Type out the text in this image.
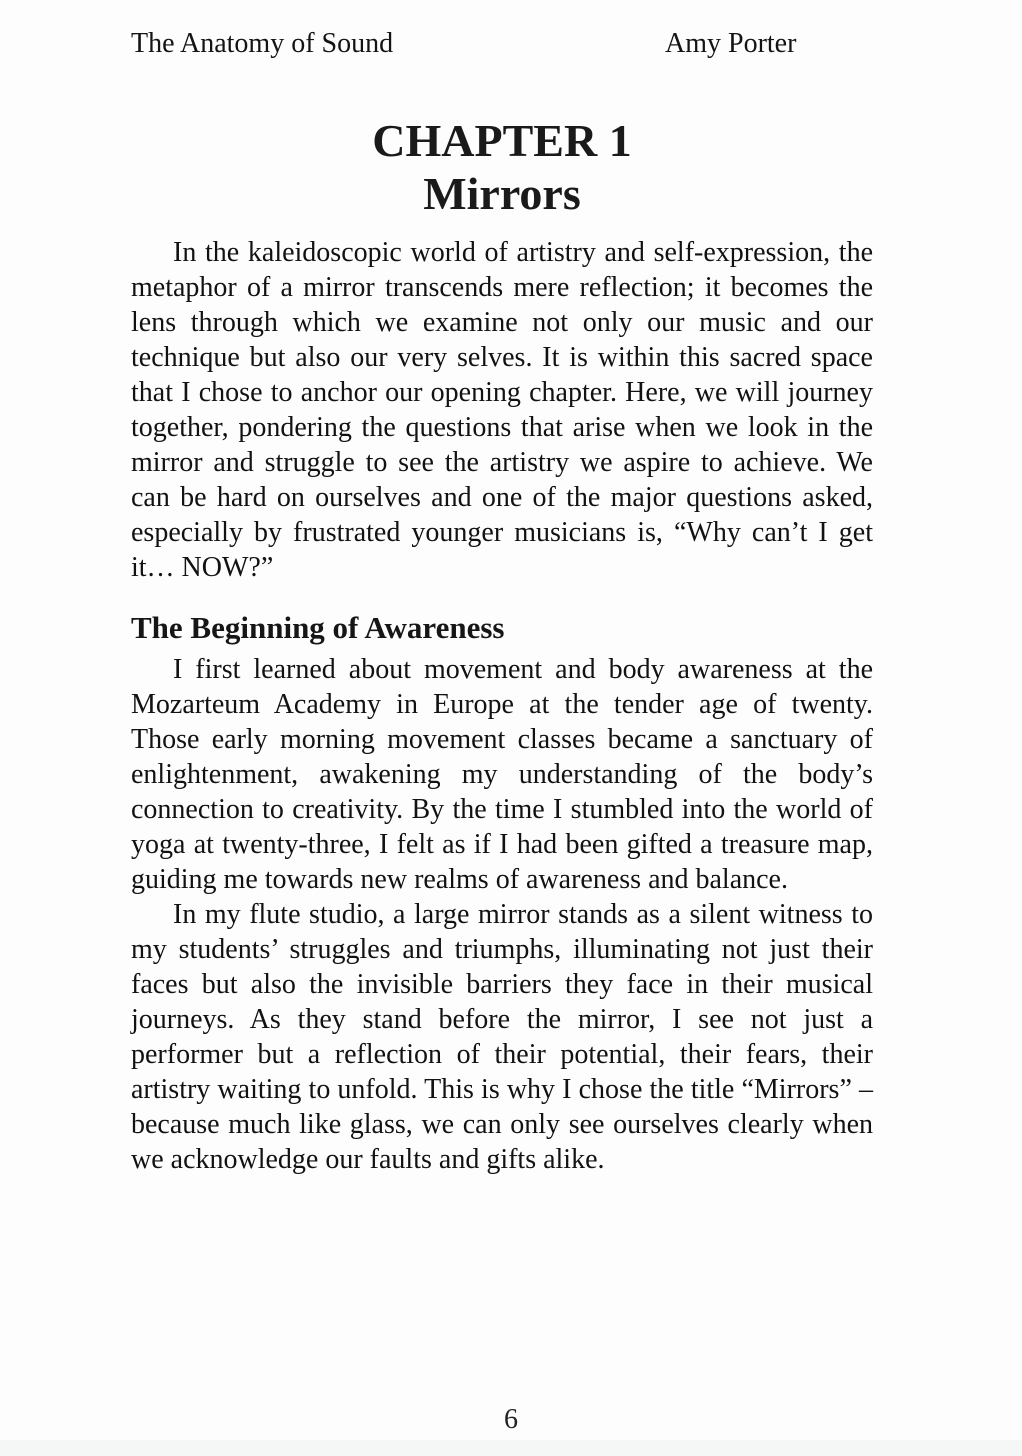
The Anatomy of Sound	Amy Porter
CHAPTER 1
Mirrors

In the kaleidoscopic world of artistry and self-expression, the metaphor of a mirror transcends mere reflection; it becomes the lens through which we examine not only our music and our technique but also our very selves. It is within this sacred space that I chose to anchor our opening chapter. Here, we will journey together, pondering the questions that arise when we look in the mirror and struggle to see the artistry we aspire to achieve. We can be hard on ourselves and one of the major questions asked, especially by frustrated younger musicians is, “Why can’t I get it… NOW?”

The Beginning of Awareness

I first learned about movement and body awareness at the Mozarteum Academy in Europe at the tender age of twenty. Those early morning movement classes became a sanctuary of enlightenment, awakening my understanding of the body’s connection to creativity. By the time I stumbled into the world of yoga at twenty-three, I felt as if I had been gifted a treasure map, guiding me towards new realms of awareness and balance.

In my flute studio, a large mirror stands as a silent witness to my students’ struggles and triumphs, illuminating not just their faces but also the invisible barriers they face in their musical journeys. As they stand before the mirror, I see not just a performer but a reflection of their potential, their fears, their artistry waiting to unfold. This is why I chose the title “Mirrors” – because much like glass, we can only see ourselves clearly when we acknowledge our faults and gifts alike.

6
